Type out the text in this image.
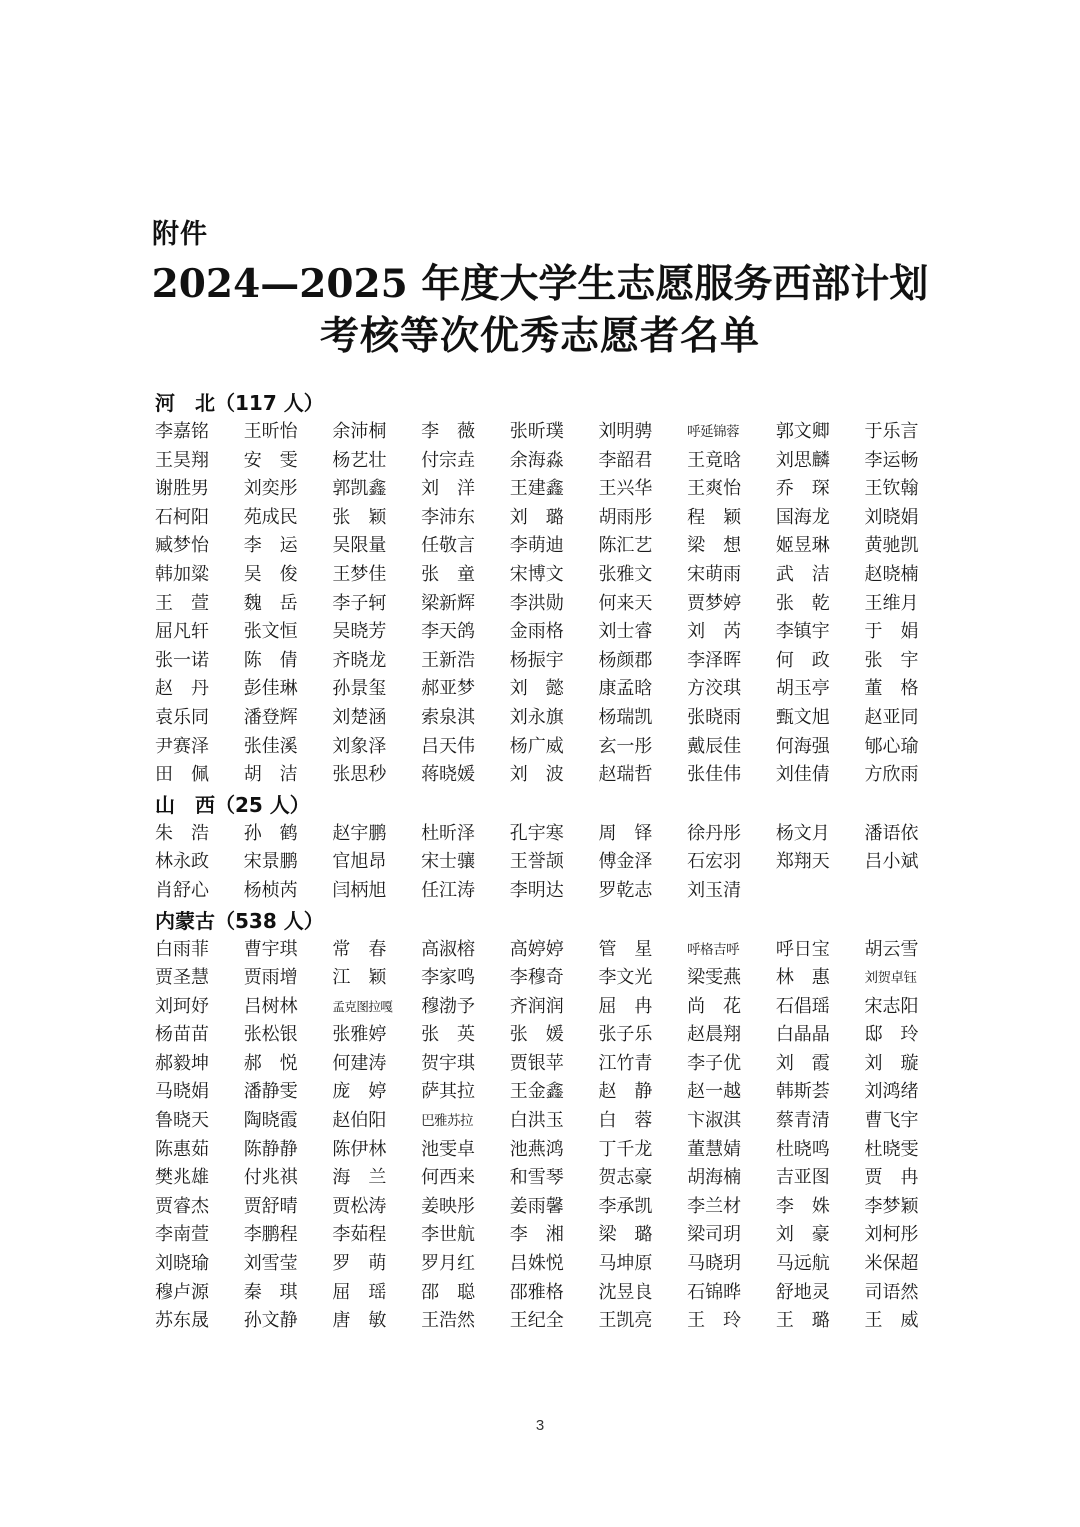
附件
2024—2025 年度大学生志愿服务西部计划
考核等次优秀志愿者名单
河　北（117 人）
李嘉铭	王昕怡	余沛桐	李　薇	张昕璞	刘明骋	呼延锦蓉	郭文卿	于乐言
王昊翔	安　雯	杨艺壮	付宗垚	余海淼	李韶君	王竟晗	刘思麟	李运畅
谢胜男	刘奕彤	郭凯鑫	刘　洋	王建鑫	王兴华	王爽怡	乔　琛	王钦翰
石柯阳	苑成民	张　颖	李沛东	刘　璐	胡雨彤	程　颖	国海龙	刘晓娟
臧梦怡	李　运	吴限量	任敬言	李萌迪	陈汇艺	梁　想	姬昱琳	黄驰凯
韩加粱	吴　俊	王梦佳	张　童	宋博文	张雅文	宋萌雨	武　洁	赵晓楠
王　萱	魏　岳	李子轲	梁新辉	李洪勋	何来天	贾梦婷	张　乾	王维月
屈凡轩	张文恒	吴晓芳	李天鸽	金雨格	刘士睿	刘　芮	李镇宇	于　娟
张一诺	陈　倩	齐晓龙	王新浩	杨振宇	杨颜郡	李泽晖	何　政	张　宇
赵　丹	彭佳琳	孙景玺	郝亚梦	刘　懿	康孟晗	方洨琪	胡玉亭	董　格
袁乐同	潘登辉	刘楚涵	索泉淇	刘永旗	杨瑞凯	张晓雨	甄文旭	赵亚同
尹赛泽	张佳溪	刘象泽	吕天伟	杨广威	玄一彤	戴辰佳	何海强	郇心瑜
田　佩	胡　洁	张思秒	蒋晓媛	刘　波	赵瑞哲	张佳伟	刘佳倩	方欣雨
山　西（25 人）
朱　浩	孙　鹤	赵宇鹏	杜昕泽	孔宇寒	周　铎	徐丹彤	杨文月	潘语依
林永政	宋景鹏	官旭昂	宋士骧	王誉颉	傅金泽	石宏羽	郑翔天	吕小斌
肖舒心	杨桢芮	闫柄旭	任江涛	李明达	罗乾志	刘玉清
内蒙古（538 人）
白雨菲	曹宇琪	常　春	高淑榕	高婷婷	管　星	呼格吉呼	呼日宝	胡云雪
贾圣慧	贾雨增	江　颖	李家鸣	李穆奇	李文光	梁雯燕	林　惠	刘贺卓钰
刘珂妤	吕树林	孟克图拉嘎	穆渤予	齐润润	屈　冉	尚　花	石倡瑶	宋志阳
杨苗苗	张松银	张雅婷	张　英	张　媛	张子乐	赵晨翔	白晶晶	邸　玲
郝毅坤	郝　悦	何建涛	贺宇琪	贾银苹	江竹青	李子优	刘　霞	刘　璇
马晓娟	潘静雯	庞　婷	萨其拉	王金鑫	赵　静	赵一越	韩斯荟	刘鸿绪
鲁晓天	陶晓霞	赵伯阳	巴雅苏拉	白洪玉	白　蓉	卞淑淇	蔡青清	曹飞宇
陈惠茹	陈静静	陈伊林	池雯卓	池燕鸿	丁千龙	董慧婧	杜晓鸣	杜晓雯
樊兆雄	付兆祺	海　兰	何西来	和雪琴	贺志豪	胡海楠	吉亚图	贾　冉
贾睿杰	贾舒晴	贾松涛	姜映彤	姜雨馨	李承凯	李兰材	李　姝	李梦颖
李南萱	李鹏程	李茹程	李世航	李　湘	梁　璐	梁司玥	刘　豪	刘柯彤
刘晓瑜	刘雪莹	罗　萌	罗月红	吕姝悦	马坤原	马晓玥	马远航	米保超
穆卢源	秦　琪	屈　瑶	邵　聪	邵雅格	沈昱良	石锦晔	舒地灵	司语然
苏东晟	孙文静	唐　敏	王浩然	王纪全	王凯亮	王　玲	王　璐	王　威
3
